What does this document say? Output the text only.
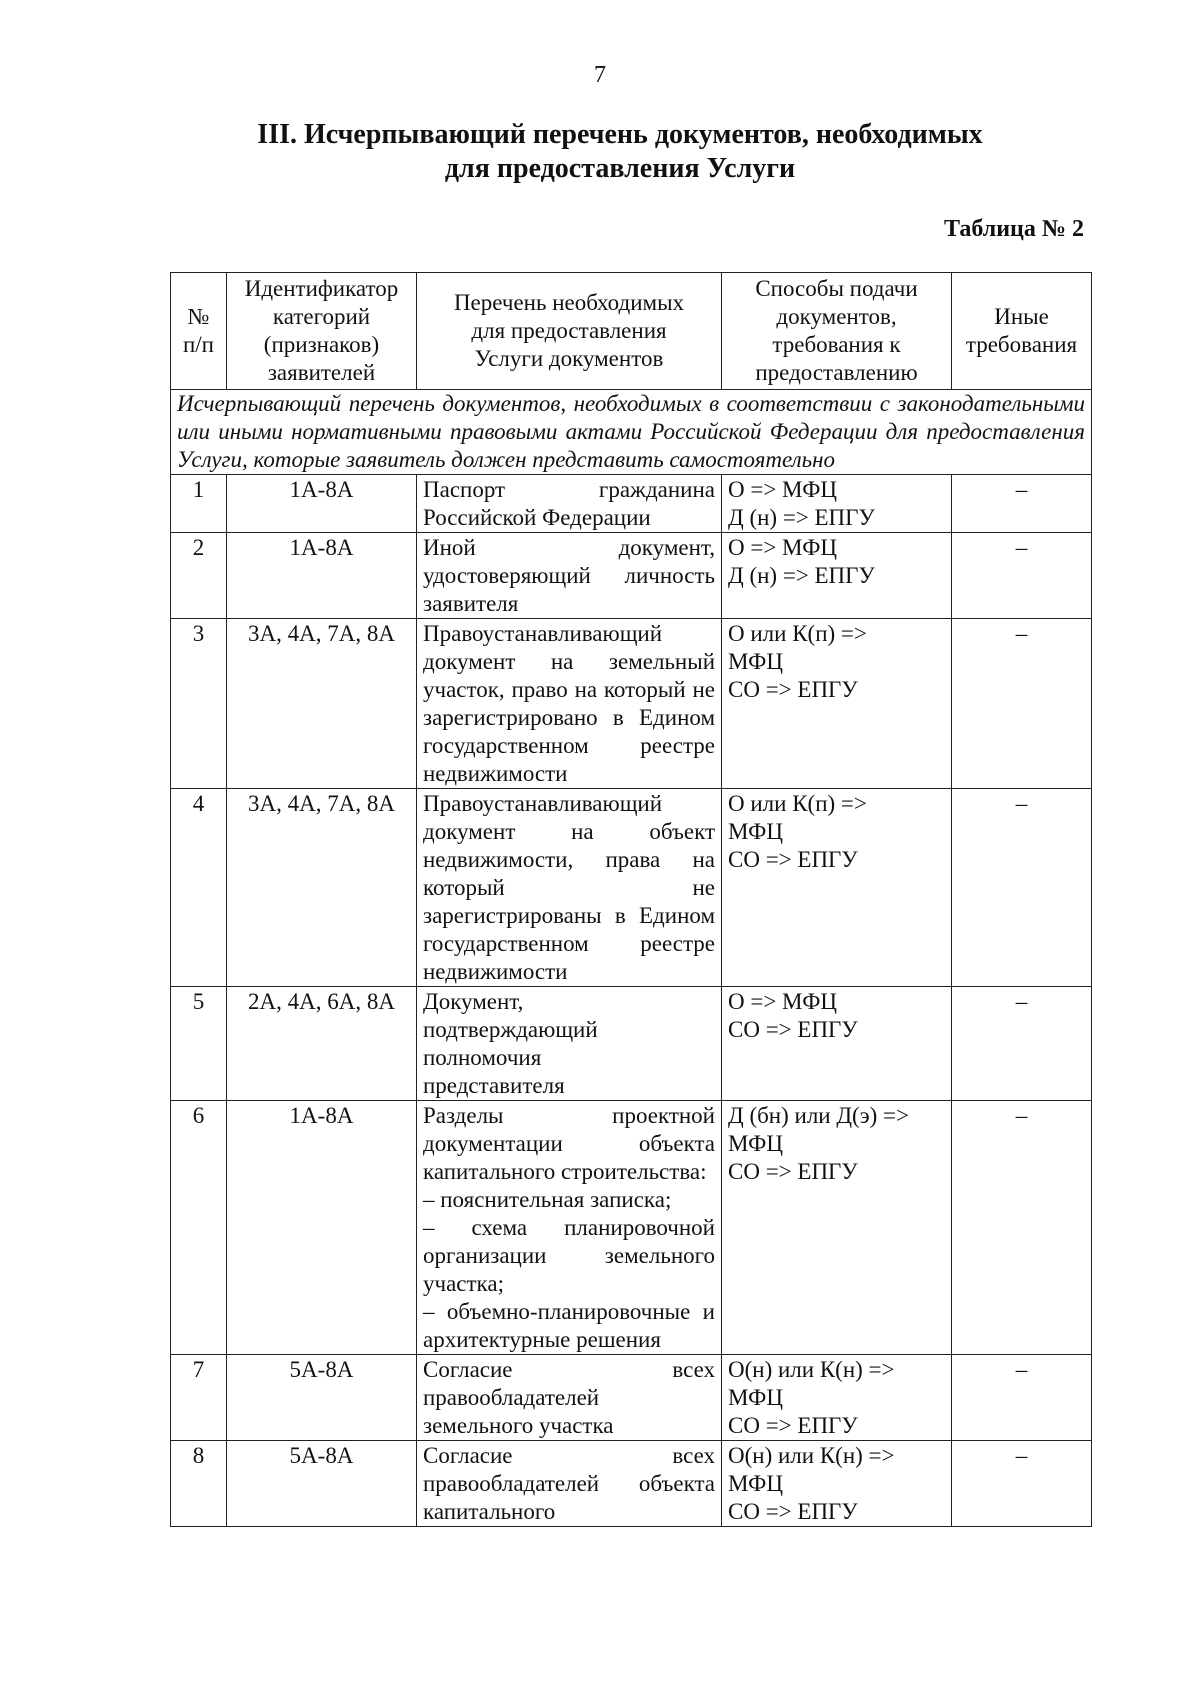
7
III. Исчерпывающий перечень документов, необходимых
для предоставления Услуги
Таблица № 2
№
п/п	Идентификатор
категорий
(признаков)
заявителей	Перечень необходимых
для предоставления
Услуги документов	Способы подачи
документов,
требования к
предоставлению	Иные
требования
Исчерпывающий перечень документов, необходимых в соответствии с законодательными или иными нормативными правовыми актами Российской Федерации для предоставления Услуги, которые заявитель должен представить самостоятельно				
1	1А-8А	Паспорт гражданина Российской Федерации	О => МФЦ
Д (н) => ЕПГУ	–
2	1А-8А	Иной документ, удостоверяющий личность заявителя	О => МФЦ
Д (н) => ЕПГУ	–
3	3А, 4А, 7А, 8А	Правоустанавливающий документ на земельный участок, право на который не зарегистрировано в Едином государственном реестре недвижимости	О или К(п) =>
МФЦ
СО => ЕПГУ	–
4	3А, 4А, 7А, 8А	Правоустанавливающий документ на объект недвижимости, права на который не зарегистрированы в Едином государственном реестре недвижимости	О или К(п) =>
МФЦ
СО => ЕПГУ	–
5	2А, 4А, 6А, 8А	Документ,
подтверждающий
полномочия
представителя	О => МФЦ
СО => ЕПГУ	–
6	1А-8А	Разделы проектной документации объекта капитального строительства:
– пояснительная записка;
– схема планировочной организации земельного участка;
– объемно-планировочные и архитектурные решения	Д (бн) или Д(э) =>
МФЦ
СО => ЕПГУ	–
7	5А-8А	Согласие всех правообладателей земельного участка	О(н) или К(н) =>
МФЦ
СО => ЕПГУ	–
8	5А-8А	Согласие всех правообладателей объекта капитального	О(н) или К(н) =>
МФЦ
СО => ЕПГУ	–
